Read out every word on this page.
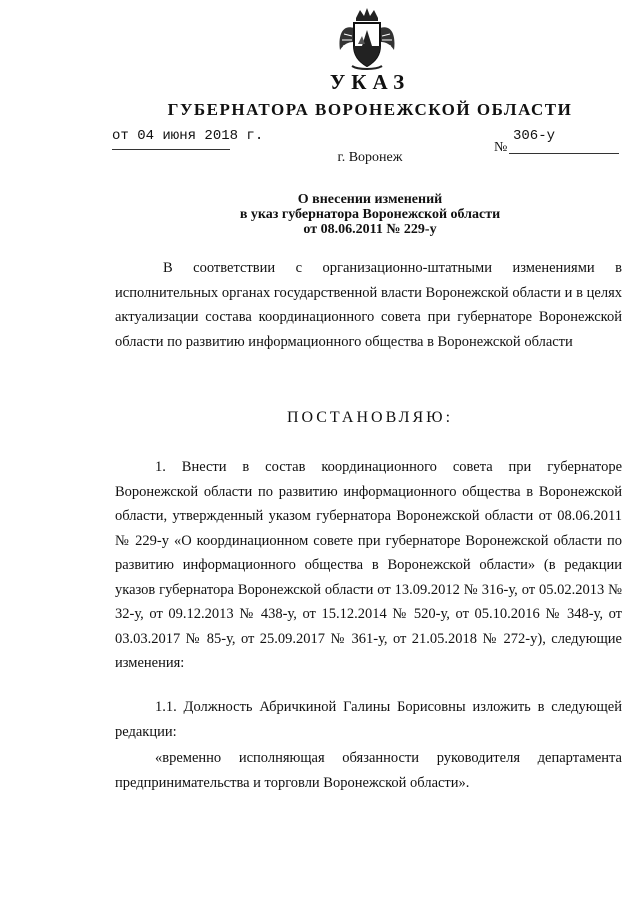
УКАЗ
ГУБЕРНАТОРА ВОРОНЕЖСКОЙ ОБЛАСТИ
от 04 июня 2018 г.
№
306-у
г. Воронеж
О внесении изменений
в указ губернатора Воронежской области
от 08.06.2011 № 229-у

В соответствии с организационно-штатными изменениями в исполнительных органах государственной власти Воронежской области и в целях актуализации состава координационного совета при губернаторе Воронежской области по развитию информационного общества в Воронежской области

ПОСТАНОВЛЯЮ:

1. Внести в состав координационного совета при губернаторе Воронежской области по развитию информационного общества в Воронежской области, утвержденный указом губернатора Воронежской области от 08.06.2011 № 229-у «О координационном совете при губернаторе Воронежской области по развитию информационного общества в Воронежской области» (в редакции указов губернатора Воронежской области от 13.09.2012 № 316-у, от 05.02.2013 № 32-у, от 09.12.2013 № 438-у, от 15.12.2014 № 520-у, от 05.10.2016 № 348-у, от 03.03.2017 № 85-у, от 25.09.2017 № 361-у, от 21.05.2018 № 272-у), следующие изменения:

1.1. Должность Абричкиной Галины Борисовны изложить в следующей редакции:

«временно исполняющая обязанности руководителя департамента предпринимательства и торговли Воронежской области».
